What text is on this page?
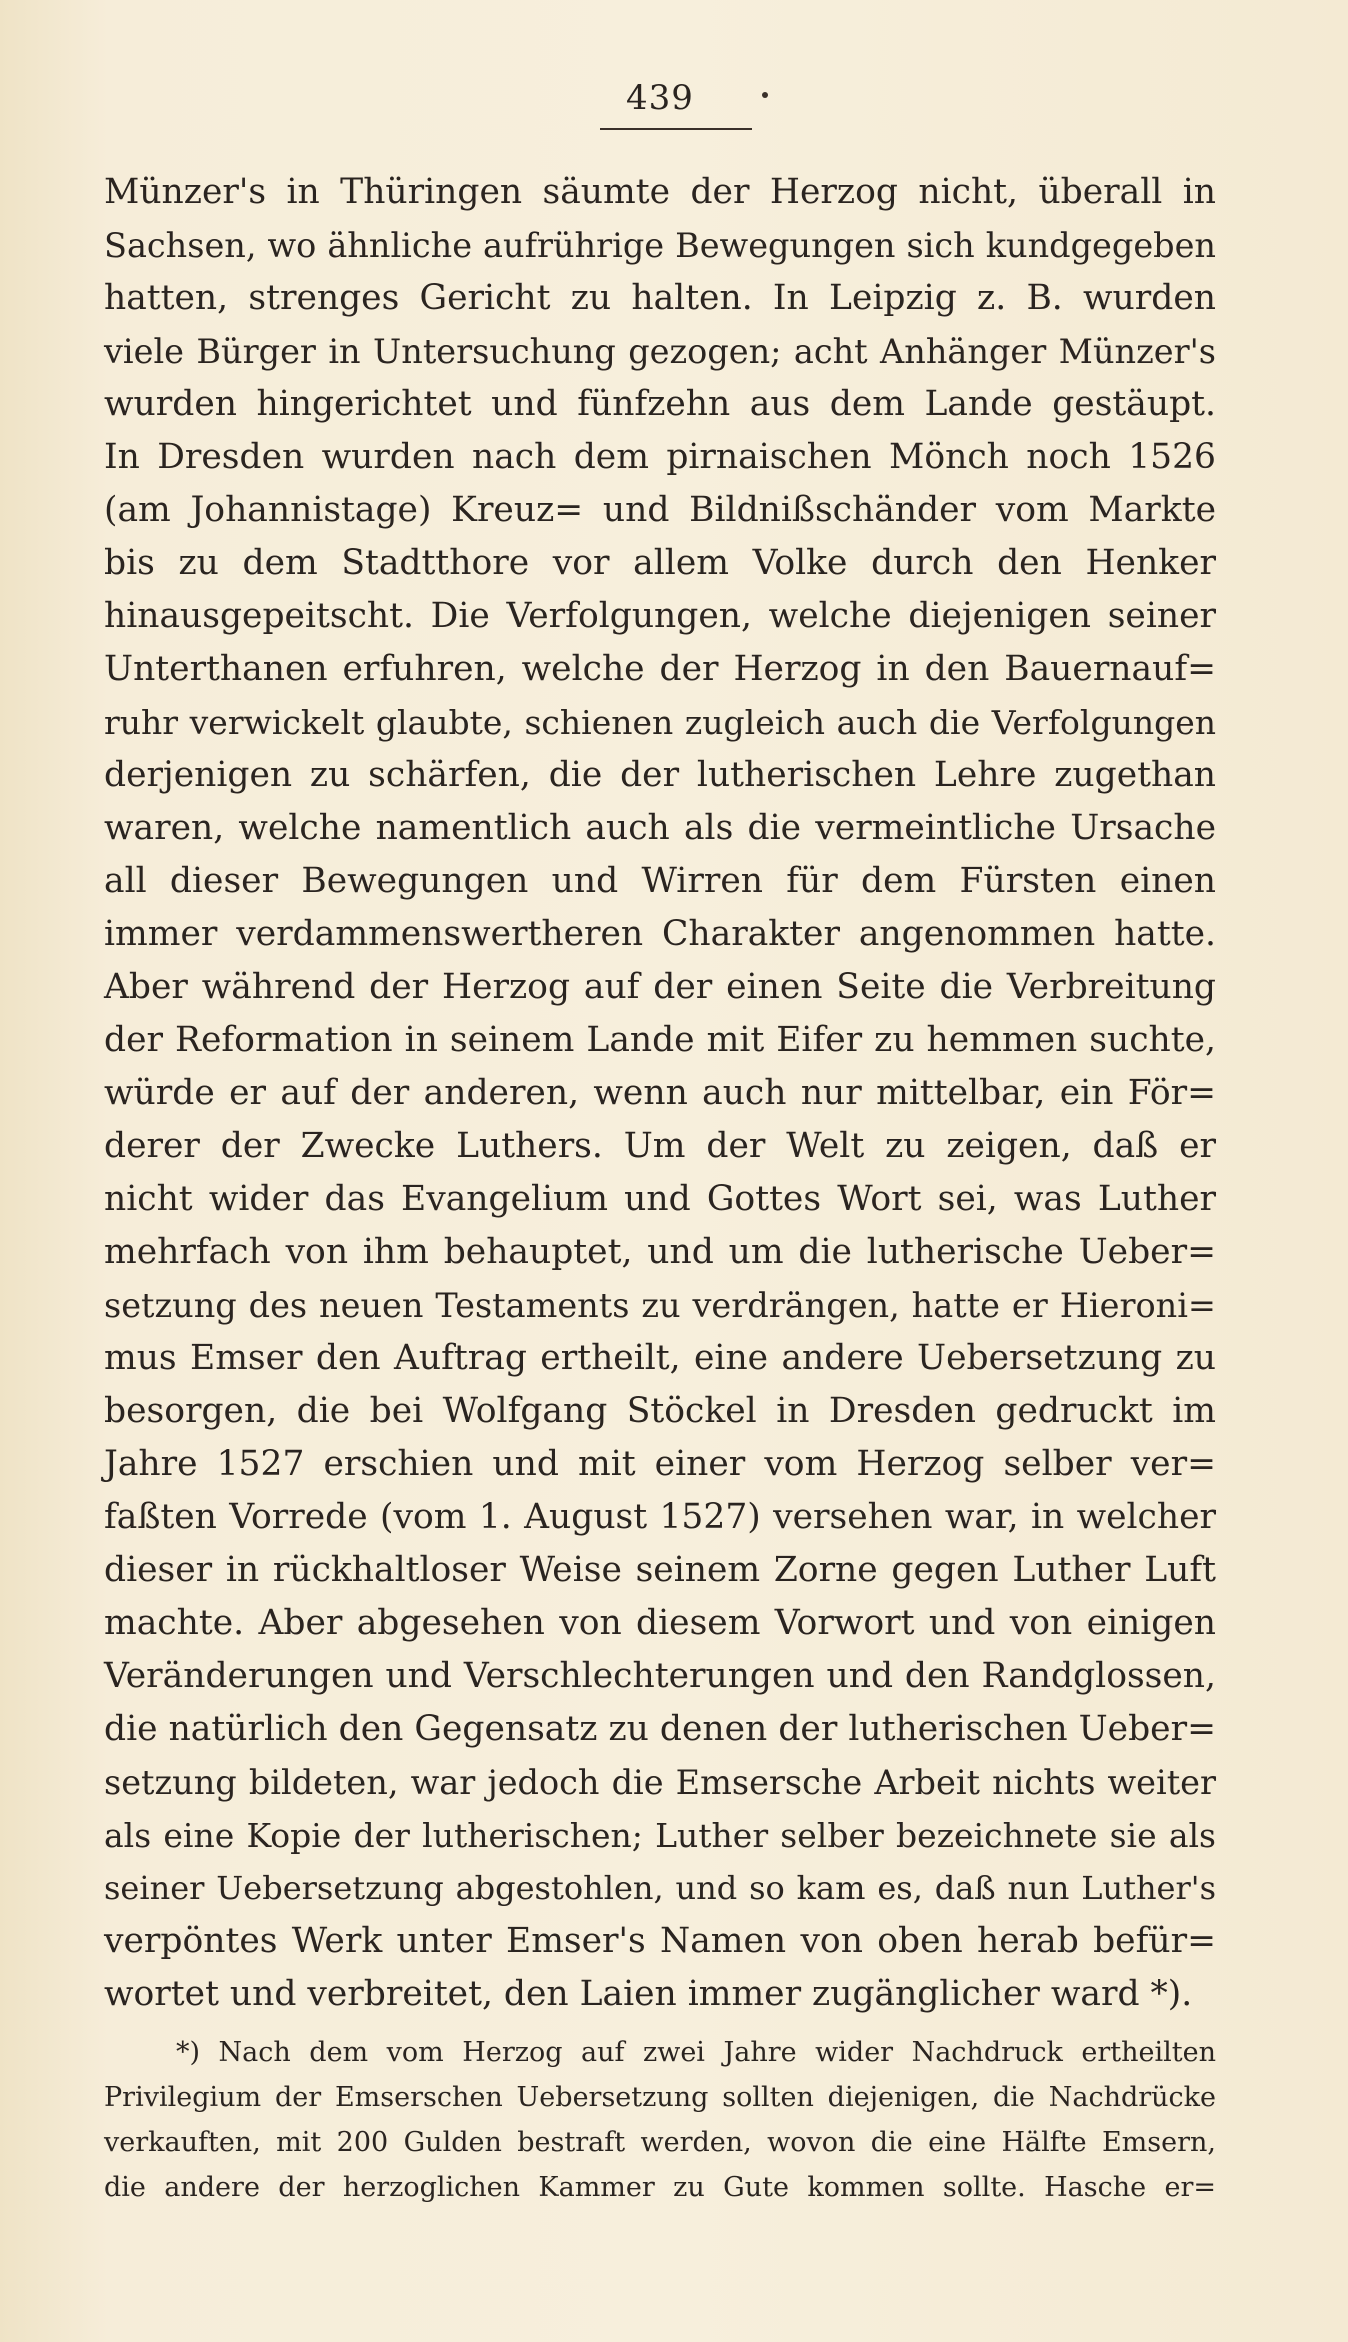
439
Münzer's in Thüringen säumte der Herzog nicht, überall in
Sachsen, wo ähnliche aufrührige Bewegungen sich kundgegeben
hatten, strenges Gericht zu halten. In Leipzig z. B. wurden
viele Bürger in Untersuchung gezogen; acht Anhänger Münzer's
wurden hingerichtet und fünfzehn aus dem Lande gestäupt.
In Dresden wurden nach dem pirnaischen Mönch noch 1526
(am Johannistage) Kreuz= und Bildnißschänder vom Markte
bis zu dem Stadtthore vor allem Volke durch den Henker
hinausgepeitscht. Die Verfolgungen, welche diejenigen seiner
Unterthanen erfuhren, welche der Herzog in den Bauernauf=
ruhr verwickelt glaubte, schienen zugleich auch die Verfolgungen
derjenigen zu schärfen, die der lutherischen Lehre zugethan
waren, welche namentlich auch als die vermeintliche Ursache
all dieser Bewegungen und Wirren für dem Fürsten einen
immer verdammenswertheren Charakter angenommen hatte.
Aber während der Herzog auf der einen Seite die Verbreitung
der Reformation in seinem Lande mit Eifer zu hemmen suchte,
würde er auf der anderen, wenn auch nur mittelbar, ein För=
derer der Zwecke Luthers. Um der Welt zu zeigen, daß er
nicht wider das Evangelium und Gottes Wort sei, was Luther
mehrfach von ihm behauptet, und um die lutherische Ueber=
setzung des neuen Testaments zu verdrängen, hatte er Hieroni=
mus Emser den Auftrag ertheilt, eine andere Uebersetzung zu
besorgen, die bei Wolfgang Stöckel in Dresden gedruckt im
Jahre 1527 erschien und mit einer vom Herzog selber ver=
faßten Vorrede (vom 1. August 1527) versehen war, in welcher
dieser in rückhaltloser Weise seinem Zorne gegen Luther Luft
machte. Aber abgesehen von diesem Vorwort und von einigen
Veränderungen und Verschlechterungen und den Randglossen,
die natürlich den Gegensatz zu denen der lutherischen Ueber=
setzung bildeten, war jedoch die Emsersche Arbeit nichts weiter
als eine Kopie der lutherischen; Luther selber bezeichnete sie als
seiner Uebersetzung abgestohlen, und so kam es, daß nun Luther's
verpöntes Werk unter Emser's Namen von oben herab befür=
wortet und verbreitet, den Laien immer zugänglicher ward *).
*) Nach dem vom Herzog auf zwei Jahre wider Nachdruck ertheilten
Privilegium der Emserschen Uebersetzung sollten diejenigen, die Nachdrücke
verkauften, mit 200 Gulden bestraft werden, wovon die eine Hälfte Emsern,
die andere der herzoglichen Kammer zu Gute kommen sollte. Hasche er=
